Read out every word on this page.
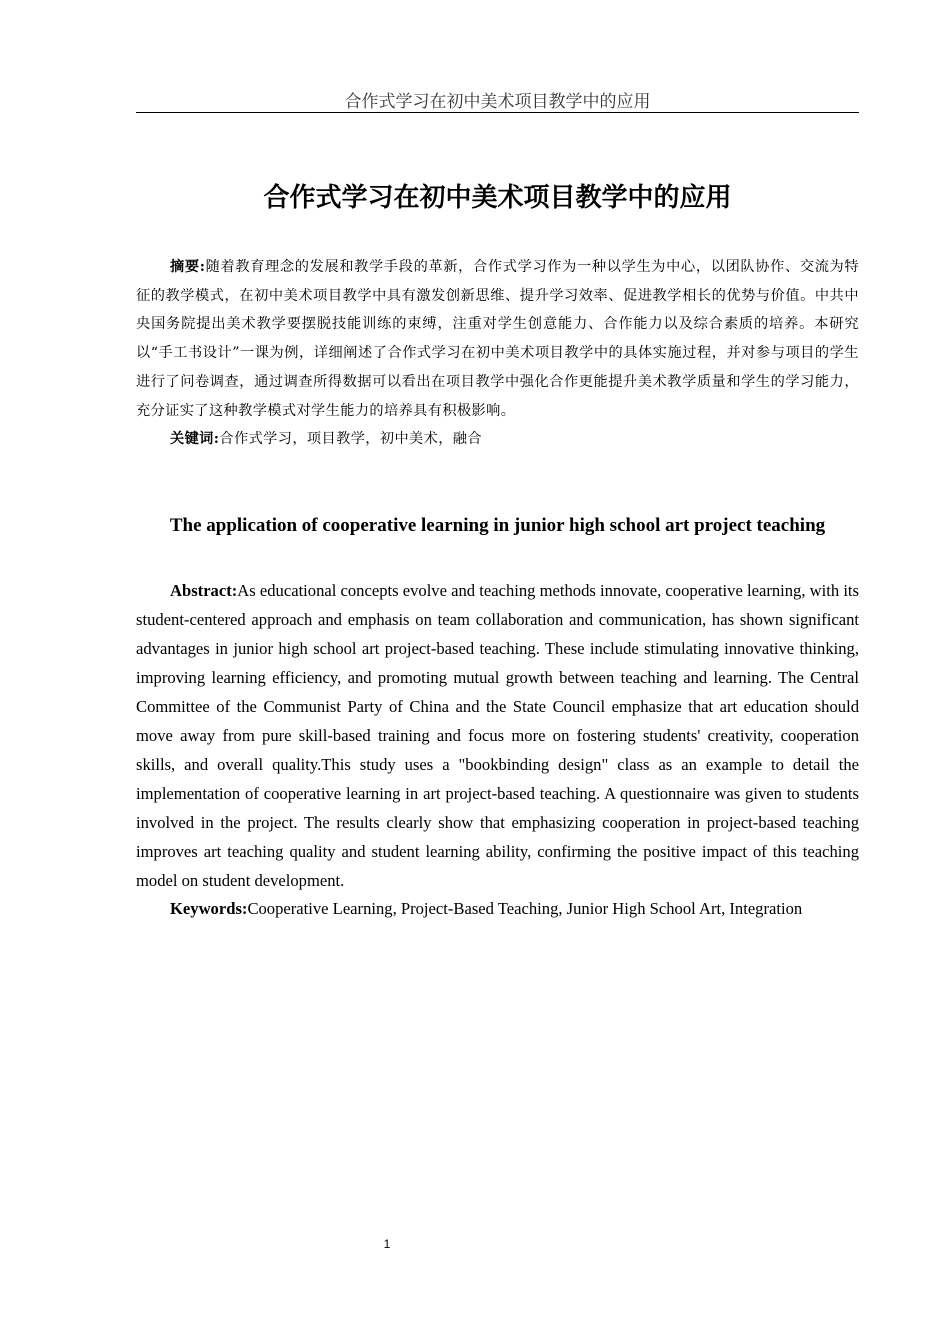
合作式学习在初中美术项目教学中的应用
合作式学习在初中美术项目教学中的应用

摘要:随着教育理念的发展和教学手段的革新，合作式学习作为一种以学生为中心，以团队协作、交流为特征的教学模式，在初中美术项目教学中具有激发创新思维、提升学习效率、促进教学相长的优势与价值。中共中央国务院提出美术教学要摆脱技能训练的束缚，注重对学生创意能力、合作能力以及综合素质的培养。本研究以“手工书设计”一课为例，详细阐述了合作式学习在初中美术项目教学中的具体实施过程，并对参与项目的学生进行了问卷调查，通过调查所得数据可以看出在项目教学中强化合作更能提升美术教学质量和学生的学习能力，充分证实了这种教学模式对学生能力的培养具有积极影响。

关键词:合作式学习，项目教学，初中美术，融合

The application of cooperative learning in junior high school art project teaching

Abstract:As educational concepts evolve and teaching methods innovate, cooperative learning, with its student-centered approach and emphasis on team collaboration and communication, has shown significant advantages in junior high school art project-based teaching. These include stimulating innovative thinking, improving learning efficiency, and promoting mutual growth between teaching and learning. The Central Committee of the Communist Party of China and the State Council emphasize that art education should move away from pure skill-based training and focus more on fostering students' creativity, cooperation skills, and overall quality.This study uses a "bookbinding design" class as an example to detail the implementation of cooperative learning in art project-based teaching. A questionnaire was given to students involved in the project. The results clearly show that emphasizing cooperation in project-based teaching improves art teaching quality and student learning ability, confirming the positive impact of this teaching model on student development.

Keywords:Cooperative Learning, Project-Based Teaching, Junior High School Art, Integration

1
